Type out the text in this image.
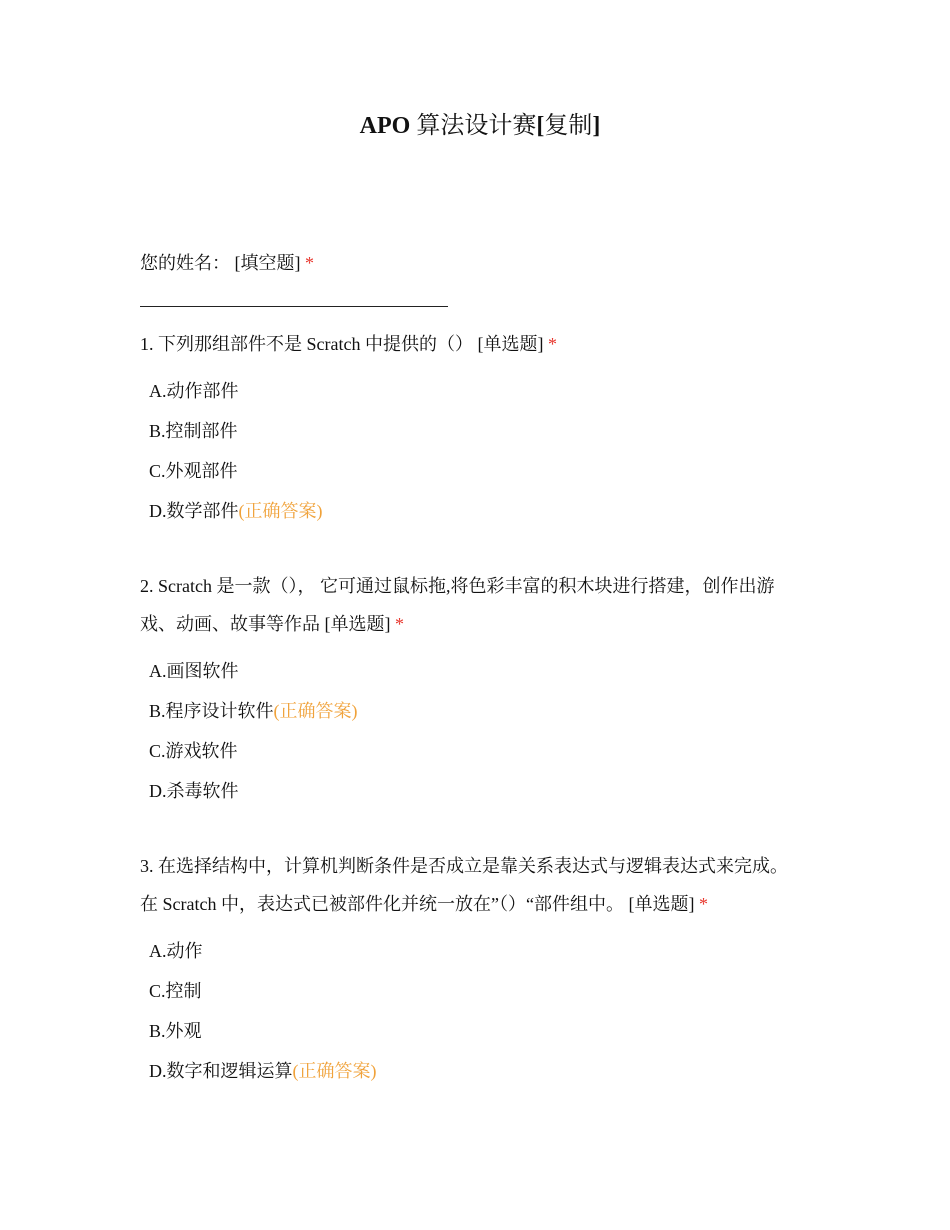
APO 算法设计赛[复制]
您的姓名： [填空题] *
1. 下列那组部件不是 Scratch 中提供的（） [单选题] *
A.动作部件
B.控制部件
C.外观部件
D.数学部件(正确答案)
2. Scratch 是一款（）， 它可通过鼠标拖,将色彩丰富的积木块进行搭建，创作出游
戏、动画、故事等作品 [单选题] *
A.画图软件
B.程序设计软件(正确答案)
C.游戏软件
D.杀毒软件
3. 在选择结构中，计算机判断条件是否成立是靠关系表达式与逻辑表达式来完成。
在 Scratch 中，表达式已被部件化并统一放在”（）“部件组中。 [单选题] *
A.动作
C.控制
B.外观
D.数字和逻辑运算(正确答案)
